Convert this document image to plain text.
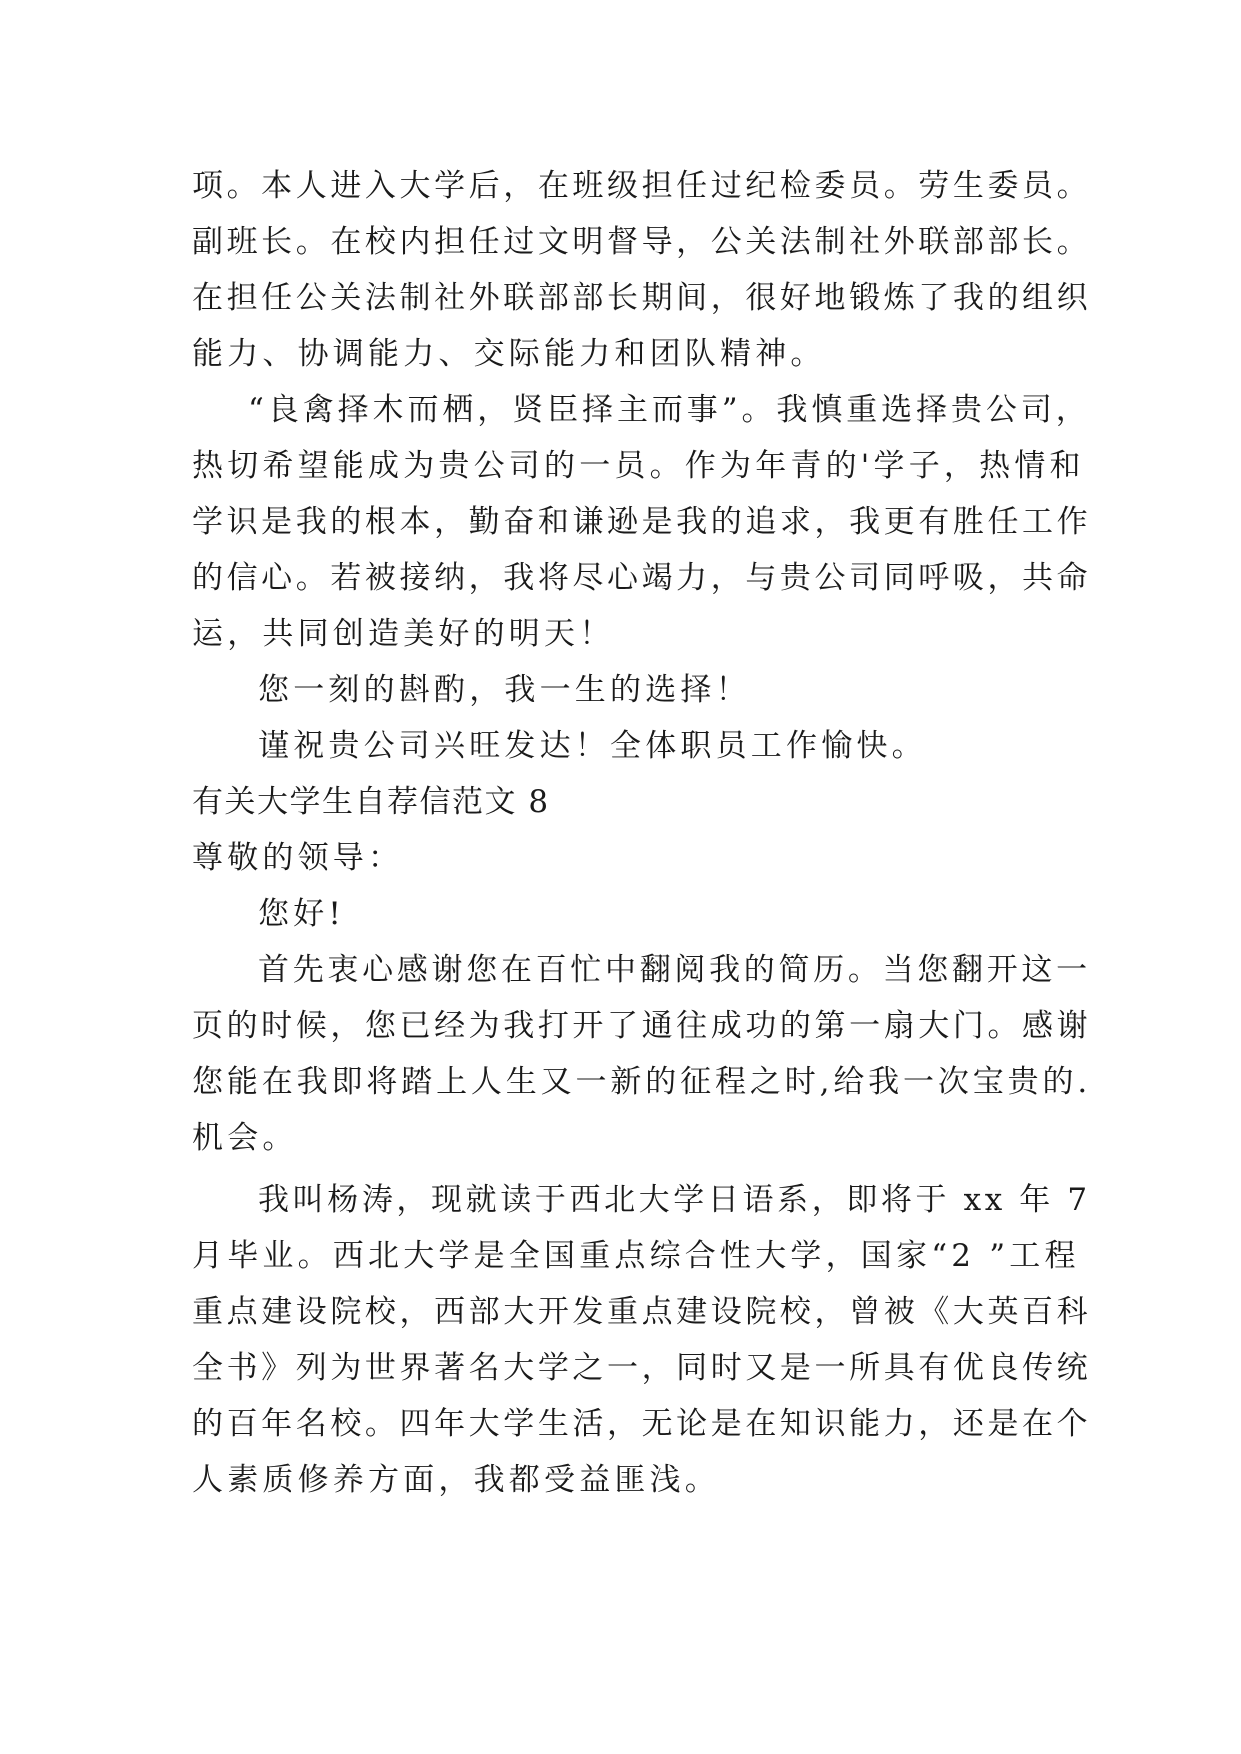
项。本人进入大学后，在班级担任过纪检委员。劳生委员。
副班长。在校内担任过文明督导，公关法制社外联部部长。
在担任公关法制社外联部部长期间，很好地锻炼了我的组织
能力、协调能力、交际能力和团队精神。
“良禽择木而栖，贤臣择主而事”。我慎重选择贵公司，
热切希望能成为贵公司的一员。作为年青的'学子，热情和
学识是我的根本，勤奋和谦逊是我的追求，我更有胜任工作
的信心。若被接纳，我将尽心竭力，与贵公司同呼吸，共命
运，共同创造美好的明天！
您一刻的斟酌，我一生的选择！
谨祝贵公司兴旺发达！全体职员工作愉快。
有关大学生自荐信范文 8
尊敬的领导：
您好!
首先衷心感谢您在百忙中翻阅我的简历。当您翻开这一
页的时候，您已经为我打开了通往成功的第一扇大门。感谢
您能在我即将踏上人生又一新的征程之时,给我一次宝贵的.
机会。
我叫杨涛，现就读于西北大学日语系，即将于 xx 年 7
月毕业。西北大学是全国重点综合性大学，国家“2 ”工程
重点建设院校，西部大开发重点建设院校，曾被《大英百科
全书》列为世界著名大学之一，同时又是一所具有优良传统
的百年名校。四年大学生活，无论是在知识能力，还是在个
人素质修养方面，我都受益匪浅。
